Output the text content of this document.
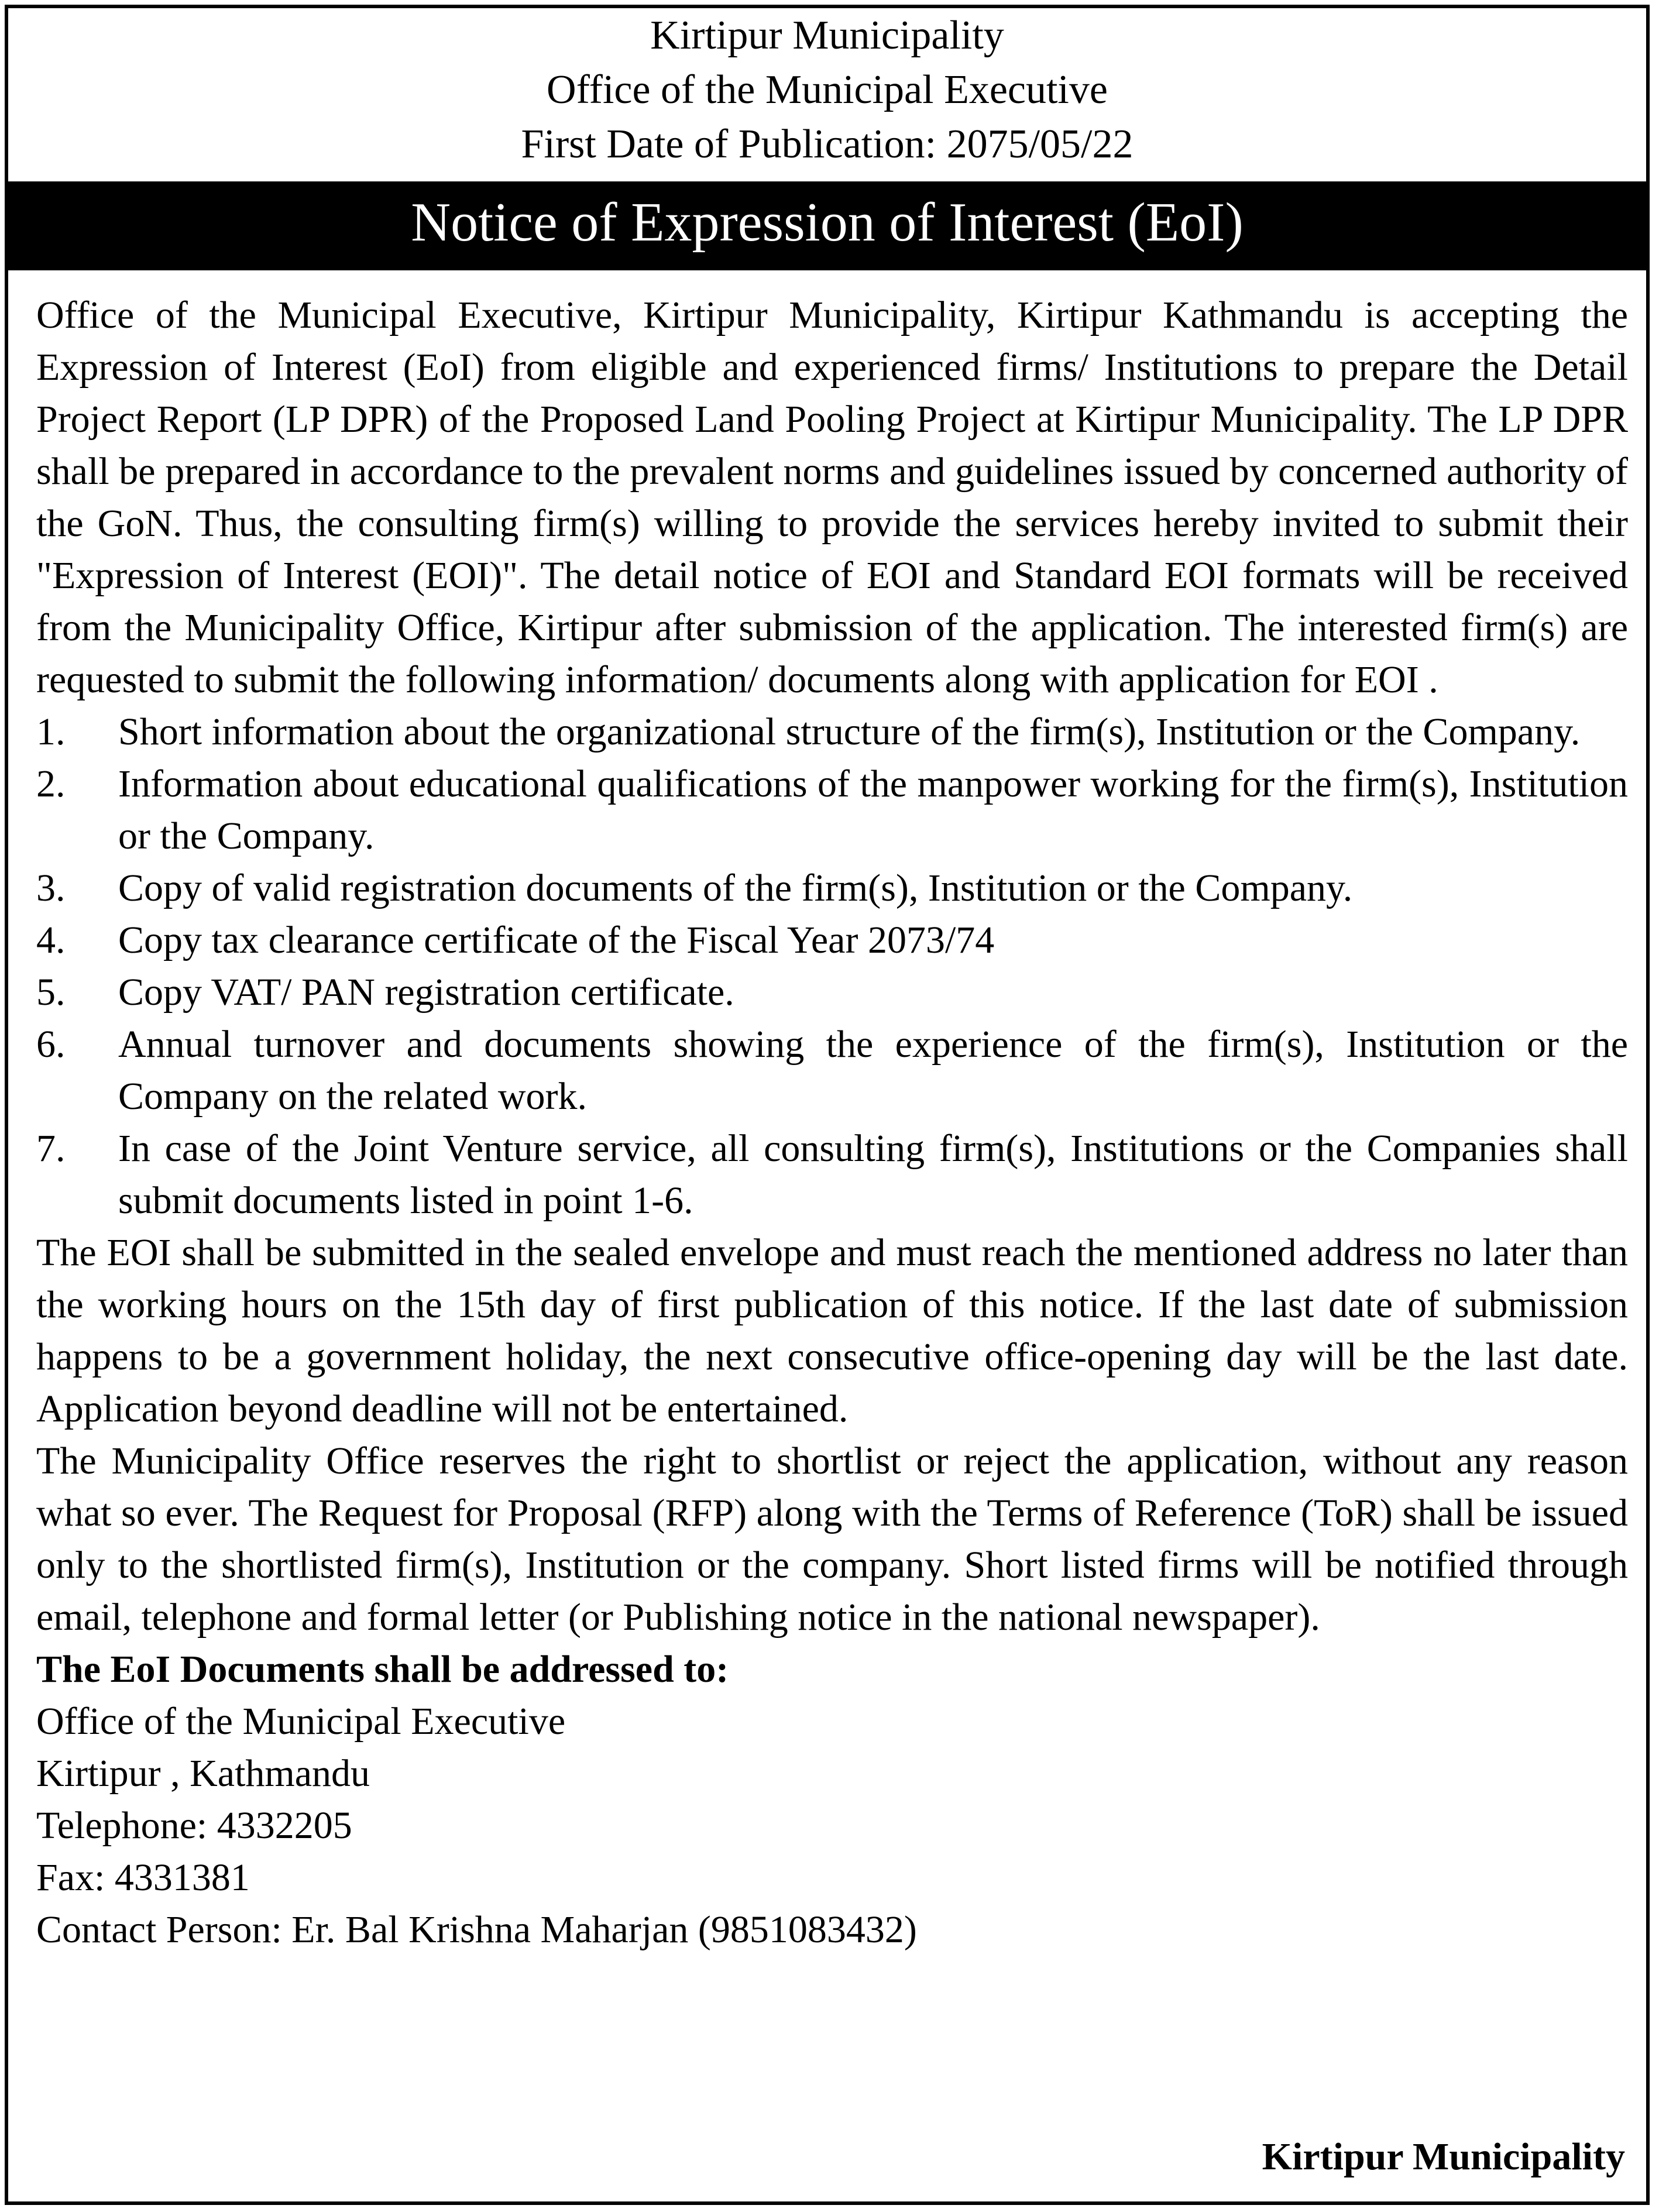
Kirtipur Municipality
Office of the Municipal Executive
First Date of Publication: 2075/05/22
Notice of Expression of Interest (EoI)
Office of the Municipal Executive, Kirtipur Municipality, Kirtipur Kathmandu is accepting the Expression of Interest (EoI) from eligible and experienced firms/ Institutions to prepare the Detail Project Report (LP DPR) of the Proposed Land Pooling Project at Kirtipur Municipality. The LP DPR shall be prepared in accordance to the prevalent norms and guidelines issued by concerned authority of the GoN. Thus, the consulting firm(s) willing to provide the services hereby invited to submit their "Expression of Interest (EOI)". The detail notice of EOI and Standard EOI formats will be received from the Municipality Office, Kirtipur after submission of the application. The interested firm(s) are requested to submit the following information/ documents along with application for EOI .
1. Short information about the organizational structure of the firm(s), Institution or the Company.
2. Information about educational qualifications of the manpower working for the firm(s), Institution or the Company.
3. Copy of valid registration documents of the firm(s), Institution or the Company.
4. Copy tax clearance certificate of the Fiscal Year 2073/74
5. Copy VAT/ PAN registration certificate.
6. Annual turnover and documents showing the experience of the firm(s), Institution or the Company on the related work.
7. In case of the Joint Venture service, all consulting firm(s), Institutions or the Companies shall submit documents listed in point 1-6.
The EOI shall be submitted in the sealed envelope and must reach the mentioned address no later than the working hours on the 15th day of first publication of this notice. If the last date of submission happens to be a government holiday, the next consecutive office-opening day will be the last date. Application beyond deadline will not be entertained.
The Municipality Office reserves the right to shortlist or reject the application, without any reason what so ever. The Request for Proposal (RFP) along with the Terms of Reference (ToR) shall be issued only to the shortlisted firm(s), Institution or the company. Short listed firms will be notified through email, telephone and formal letter (or Publishing notice in the national newspaper).
The EoI Documents shall be addressed to:
Office of the Municipal Executive
Kirtipur , Kathmandu
Telephone: 4332205
Fax: 4331381
Contact Person: Er. Bal Krishna Maharjan (9851083432)
Kirtipur Municipality
